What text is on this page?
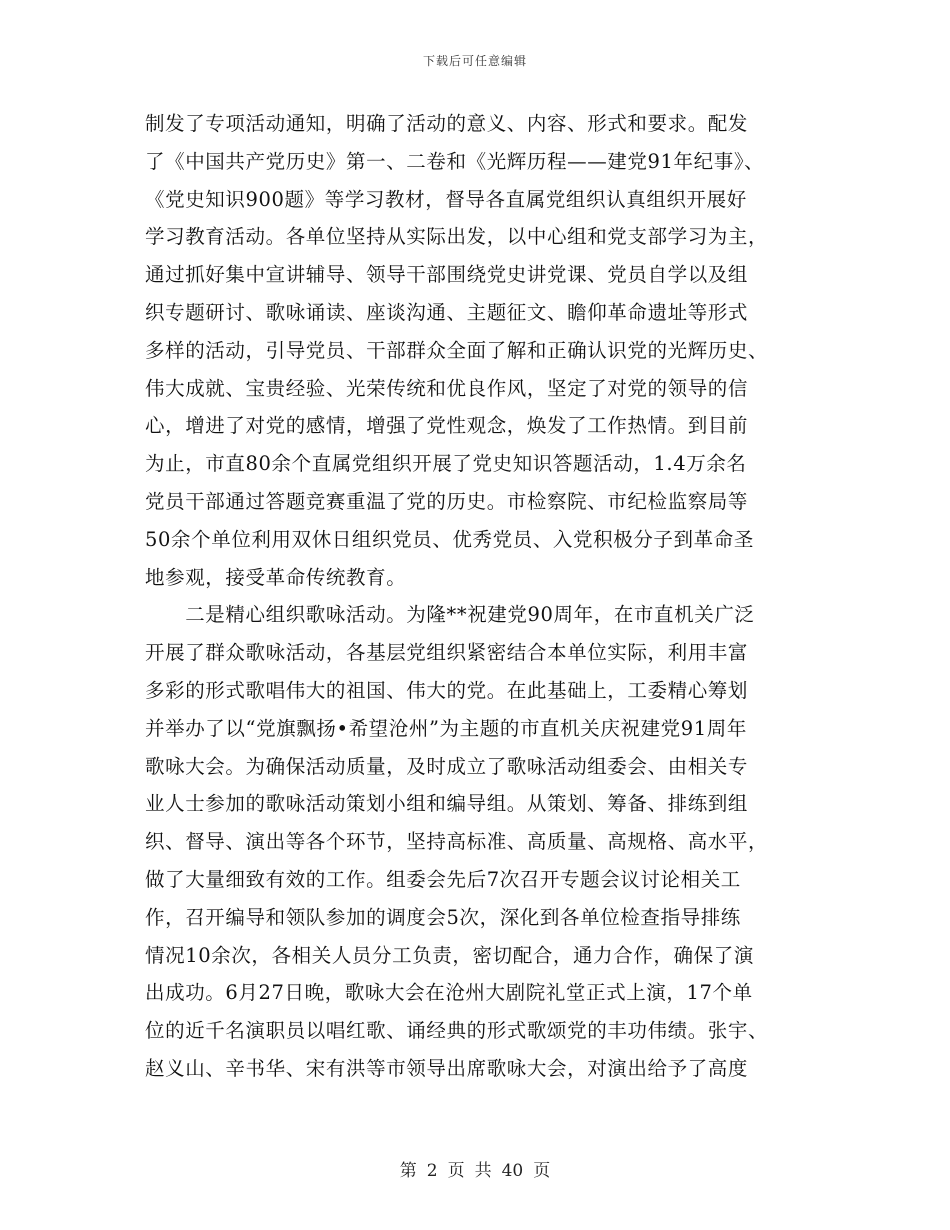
下载后可任意编辑
制发了专项活动通知，明确了活动的意义、内容、形式和要求。配发
了《中国共产党历史》第一、二卷和《光辉历程——建党91年纪事》、
《党史知识900题》等学习教材，督导各直属党组织认真组织开展好
学习教育活动。各单位坚持从实际出发，以中心组和党支部学习为主，
通过抓好集中宣讲辅导、领导干部围绕党史讲党课、党员自学以及组
织专题研讨、歌咏诵读、座谈沟通、主题征文、瞻仰革命遗址等形式
多样的活动，引导党员、干部群众全面了解和正确认识党的光辉历史、
伟大成就、宝贵经验、光荣传统和优良作风，坚定了对党的领导的信
心，增进了对党的感情，增强了党性观念，焕发了工作热情。到目前
为止，市直80余个直属党组织开展了党史知识答题活动，1.4万余名
党员干部通过答题竞赛重温了党的历史。市检察院、市纪检监察局等
50余个单位利用双休日组织党员、优秀党员、入党积极分子到革命圣
地参观，接受革命传统教育。
　　二是精心组织歌咏活动。为隆**祝建党90周年，在市直机关广泛
开展了群众歌咏活动，各基层党组织紧密结合本单位实际，利用丰富
多彩的形式歌唱伟大的祖国、伟大的党。在此基础上，工委精心筹划
并举办了以“党旗飘扬•希望沧州”为主题的市直机关庆祝建党91周年
歌咏大会。为确保活动质量，及时成立了歌咏活动组委会、由相关专
业人士参加的歌咏活动策划小组和编导组。从策划、筹备、排练到组
织、督导、演出等各个环节，坚持高标准、高质量、高规格、高水平，
做了大量细致有效的工作。组委会先后7次召开专题会议讨论相关工
作，召开编导和领队参加的调度会5次，深化到各单位检查指导排练
情况10余次，各相关人员分工负责，密切配合，通力合作，确保了演
出成功。6月27日晚，歌咏大会在沧州大剧院礼堂正式上演，17个单
位的近千名演职员以唱红歌、诵经典的形式歌颂党的丰功伟绩。张宇、
赵义山、辛书华、宋有洪等市领导出席歌咏大会，对演出给予了高度
第 2 页 共 40 页
